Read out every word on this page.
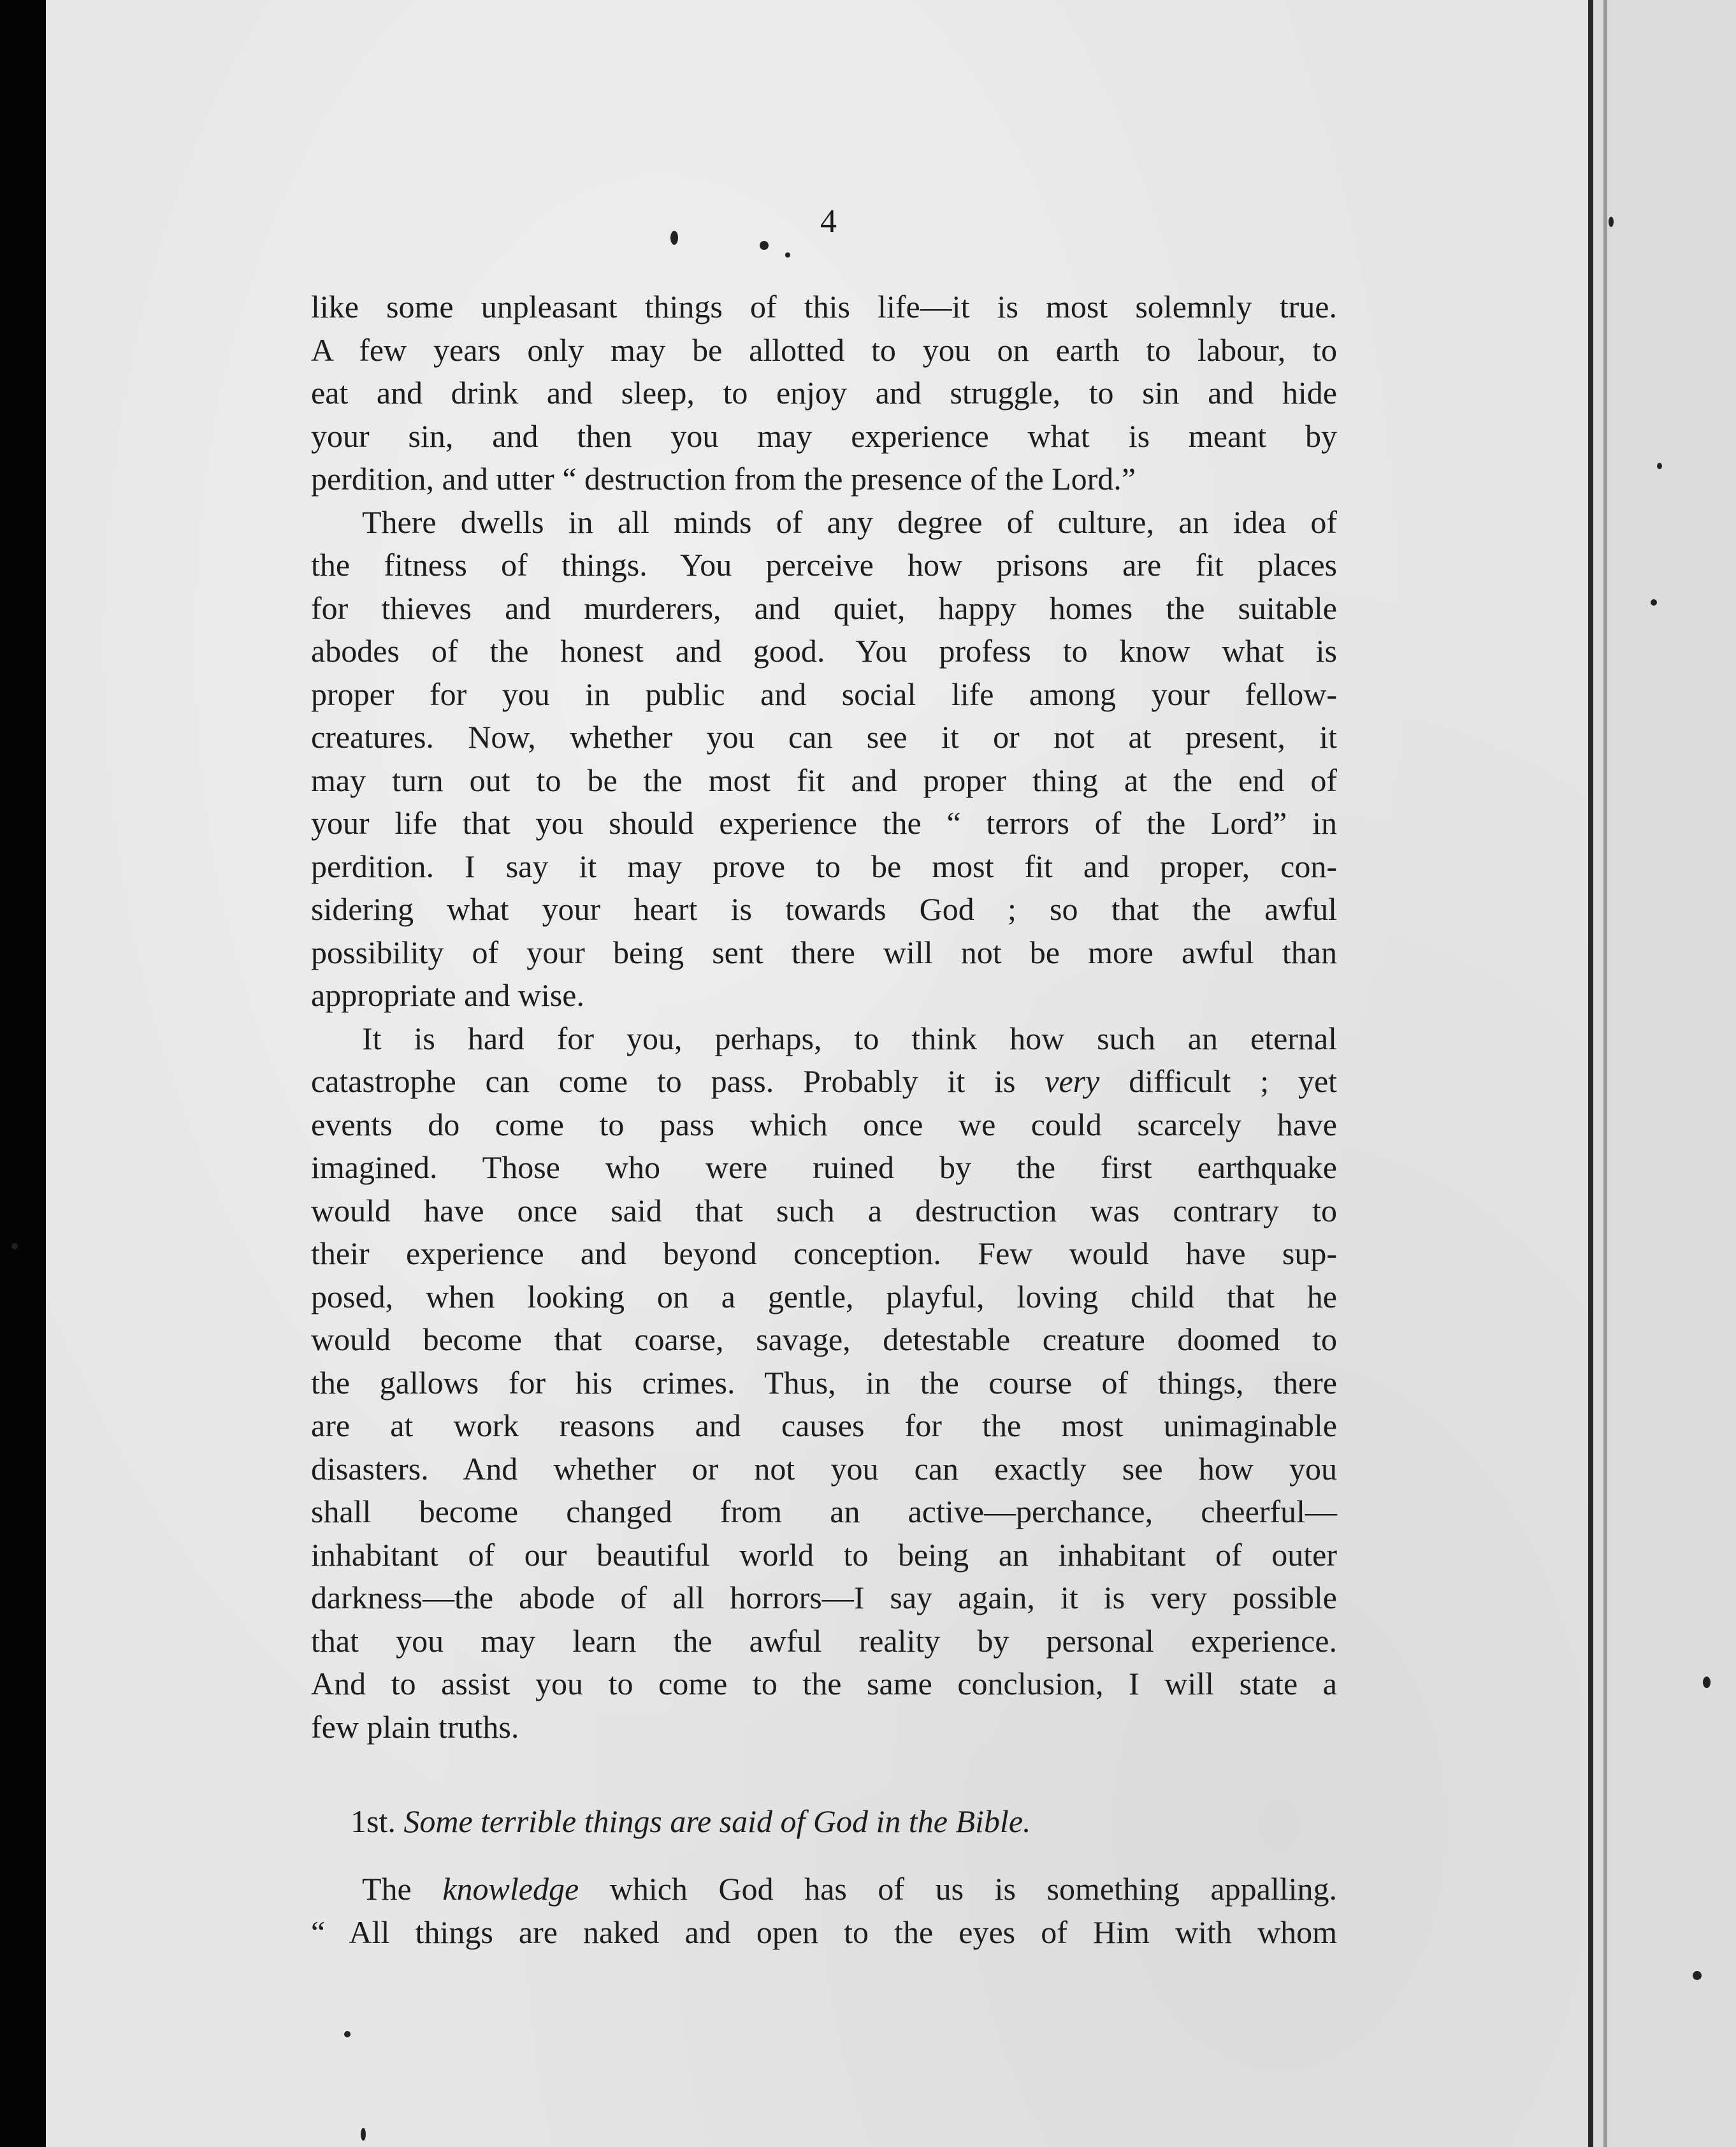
4
like some unpleasant things of this life—it is most solemnly true.
A few years only may be allotted to you on earth to labour, to
eat and drink and sleep, to enjoy and struggle, to sin and hide
your sin, and then you may experience what is meant by
perdition, and utter “ destruction from the presence of the Lord.”
There dwells in all minds of any degree of culture, an idea of
the fitness of things. You perceive how prisons are fit places
for thieves and murderers, and quiet, happy homes the suitable
abodes of the honest and good. You profess to know what is
proper for you in public and social life among your fellow-
creatures. Now, whether you can see it or not at present, it
may turn out to be the most fit and proper thing at the end of
your life that you should experience the “ terrors of the Lord” in
perdition. I say it may prove to be most fit and proper, con-
sidering what your heart is towards God ; so that the awful
possibility of your being sent there will not be more awful than
appropriate and wise.
It is hard for you, perhaps, to think how such an eternal
catastrophe can come to pass. Probably it is very difficult ; yet
events do come to pass which once we could scarcely have
imagined. Those who were ruined by the first earthquake
would have once said that such a destruction was contrary to
their experience and beyond conception. Few would have sup-
posed, when looking on a gentle, playful, loving child that he
would become that coarse, savage, detestable creature doomed to
the gallows for his crimes. Thus, in the course of things, there
are at work reasons and causes for the most unimaginable
disasters. And whether or not you can exactly see how you
shall become changed from an active—perchance, cheerful—
inhabitant of our beautiful world to being an inhabitant of outer
darkness—the abode of all horrors—I say again, it is very possible
that you may learn the awful reality by personal experience.
And to assist you to come to the same conclusion, I will state a
few plain truths.
1st. Some terrible things are said of God in the Bible.
The knowledge which God has of us is something appalling.
“ All things are naked and open to the eyes of Him with whom
